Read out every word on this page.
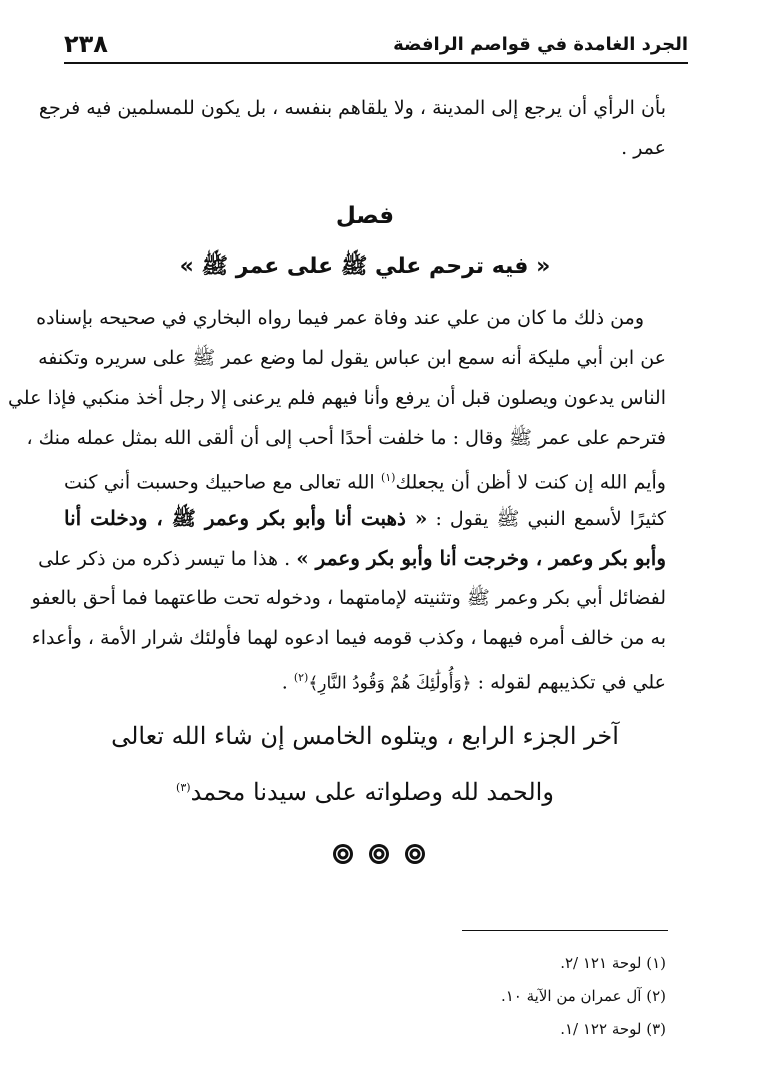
الجرد الغامدة في قواصم الرافضة
٢٣٨
بأن الرأي أن يرجع إلى المدينة ، ولا يلقاهم بنفسه ، بل يكون للمسلمين فيه فرجع
عمر .
فصل
« فيه ترحم علي ﷺ على عمر ﷺ »
ومن ذلك ما كان من علي عند وفاة عمر فيما رواه البخاري في صحيحه بإسناده
عن ابن أبي مليكة أنه سمع ابن عباس يقول لما وضع عمر ﷺ على سريره وتكنفه
الناس يدعون ويصلون قبل أن يرفع وأنا فيهم فلم يرعنى إلا رجل أخذ منكبي فإذا علي
فترحم على عمر ﷺ وقال : ما خلفت أحدًا أحب إلى أن ألقى الله بمثل عمله منك ،
وأيم الله إن كنت لا أظن أن يجعلك$^{(١)}$ الله تعالى مع صاحبيك وحسبت أني كنت
كثيرًا لأسمع النبي ﷺ يقول : « ذهبت أنا وأبو بكر وعمر ﷺ ، ودخلت أنا
وأبو بكر وعمر ، وخرجت أنا وأبو بكر وعمر » . هذا ما تيسر ذكره من ذكر على
لفضائل أبي بكر وعمر ﷺ وتثنيته لإمامتهما ، ودخوله تحت طاعتهما فما أحق بالعفو
به من خالف أمره فيهما ، وكذب قومه فيما ادعوه لهما فأولئك شرار الأمة ، وأعداء
علي في تكذيبهم لقوله : ﴿وَأُولَٰئِكَ هُمْ وَقُودُ النَّارِ﴾$^{(٢)}$ .
آخر الجزء الرابع ، ويتلوه الخامس إن شاء الله تعالى
والحمد لله وصلواته على سيدنا محمد$^{(٣)}$

(١) لوحة ١٢١ /٢.
(٢) آل عمران من الآية ١٠.
(٣) لوحة ١٢٢ /١.
